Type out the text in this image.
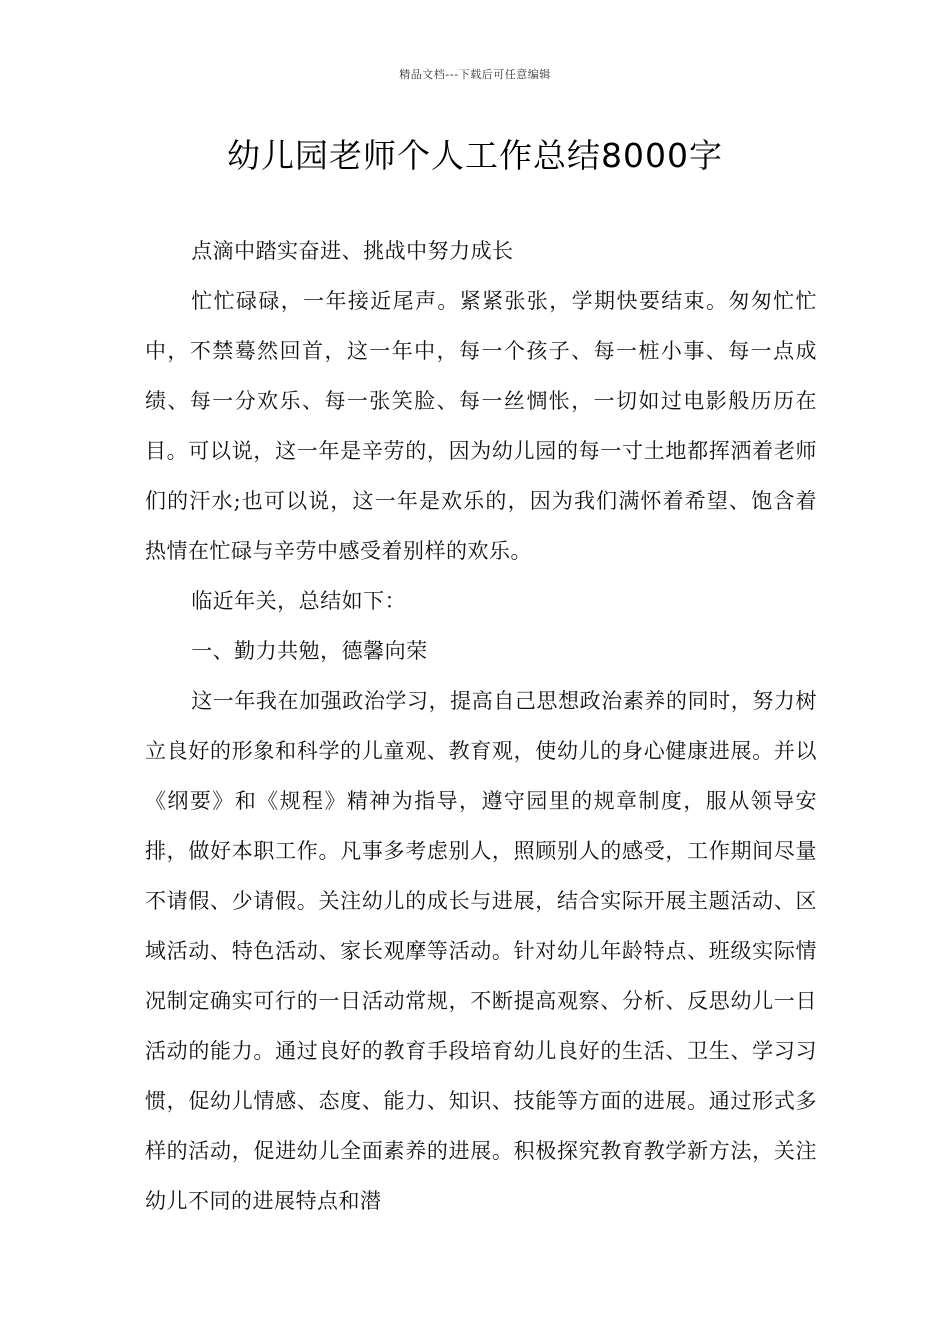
精品文档---下载后可任意编辑
幼儿园老师个人工作总结8000字

点滴中踏实奋进、挑战中努力成长

忙忙碌碌，一年接近尾声。紧紧张张，学期快要结束。匆匆忙忙中，不禁蓦然回首，这一年中，每一个孩子、每一桩小事、每一点成绩、每一分欢乐、每一张笑脸、每一丝惆怅，一切如过电影般历历在目。可以说，这一年是辛劳的，因为幼儿园的每一寸土地都挥洒着老师们的汗水;也可以说，这一年是欢乐的，因为我们满怀着希望、饱含着热情在忙碌与辛劳中感受着别样的欢乐。

临近年关，总结如下：

一、勤力共勉，德馨向荣

这一年我在加强政治学习，提高自己思想政治素养的同时，努力树立良好的形象和科学的儿童观、教育观，使幼儿的身心健康进展。并以《纲要》和《规程》精神为指导，遵守园里的规章制度，服从领导安排，做好本职工作。凡事多考虑别人，照顾别人的感受，工作期间尽量不请假、少请假。关注幼儿的成长与进展，结合实际开展主题活动、区域活动、特色活动、家长观摩等活动。针对幼儿年龄特点、班级实际情况制定确实可行的一日活动常规，不断提高观察、分析、反思幼儿一日活动的能力。通过良好的教育手段培育幼儿良好的生活、卫生、学习习惯，促幼儿情感、态度、能力、知识、技能等方面的进展。通过形式多样的活动，促进幼儿全面素养的进展。积极探究教育教学新方法，关注幼儿不同的进展特点和潜
